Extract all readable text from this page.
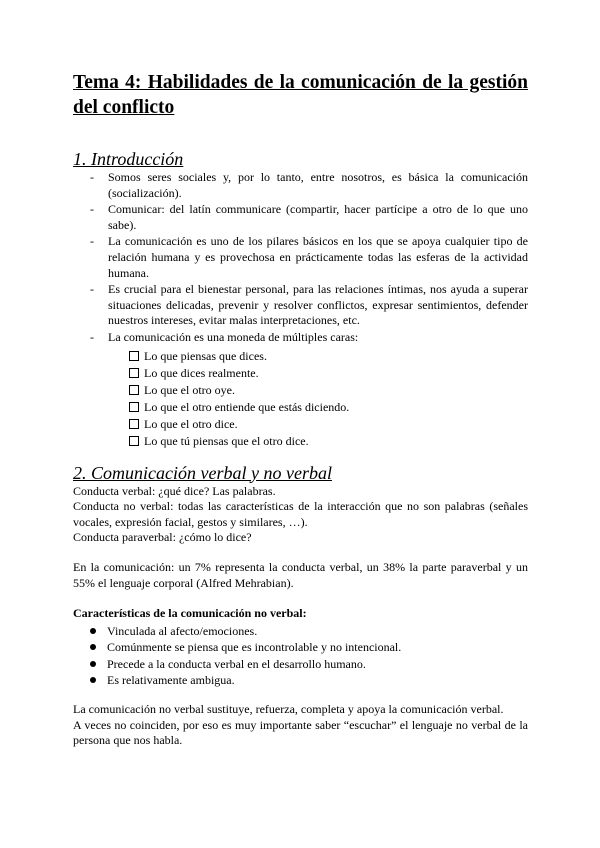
Tema 4: Habilidades de la comunicación de la gestión del conflicto
1. Introducción
- Somos seres sociales y, por lo tanto, entre nosotros, es básica la comunicación (socialización).
- Comunicar: del latín communicare (compartir, hacer partícipe a otro de lo que uno sabe).
- La comunicación es uno de los pilares básicos en los que se apoya cualquier tipo de relación humana y es provechosa en prácticamente todas las esferas de la actividad humana.
- Es crucial para el bienestar personal, para las relaciones íntimas, nos ayuda a superar situaciones delicadas, prevenir y resolver conflictos, expresar sentimientos, defender nuestros intereses, evitar malas interpretaciones, etc.
- La comunicación es una moneda de múltiples caras:
Lo que piensas que dices.
Lo que dices realmente.
Lo que el otro oye.
Lo que el otro entiende que estás diciendo.
Lo que el otro dice.
Lo que tú piensas que el otro dice.
2. Comunicación verbal y no verbal

Conducta verbal: ¿qué dice? Las palabras.

Conducta no verbal: todas las características de la interacción que no son palabras (señales vocales, expresión facial, gestos y similares, …).

Conducta paraverbal: ¿cómo lo dice?

En la comunicación: un 7% representa la conducta verbal, un 38% la parte paraverbal y un 55% el lenguaje corporal (Alfred Mehrabian).

Características de la comunicación no verbal:

Vinculada al afecto/emociones.
Comúnmente se piensa que es incontrolable y no intencional.
Precede a la conducta verbal en el desarrollo humano.
Es relativamente ambigua.

La comunicación no verbal sustituye, refuerza, completa y apoya la comunicación verbal.

A veces no coinciden, por eso es muy importante saber “escuchar” el lenguaje no verbal de la persona que nos habla.
